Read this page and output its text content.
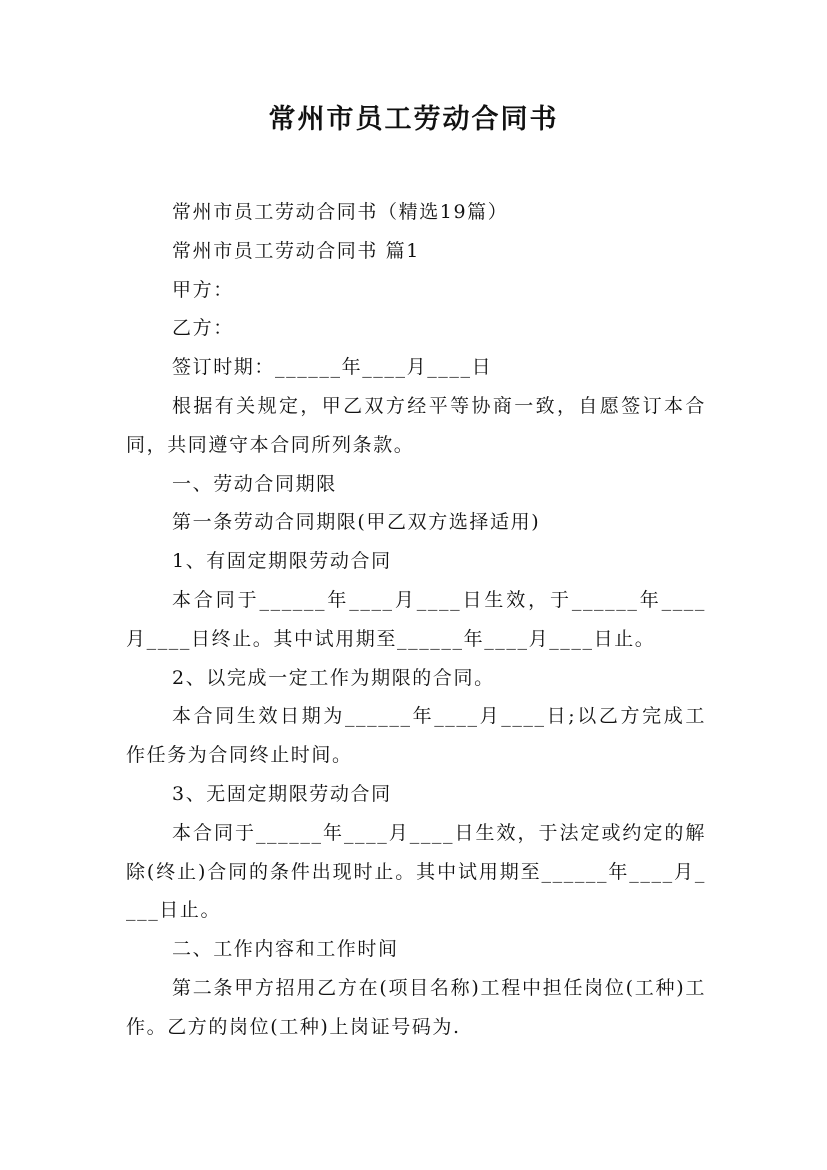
常州市员工劳动合同书

常州市员工劳动合同书（精选19篇）

常州市员工劳动合同书 篇1

甲方：

乙方：

签订时期：______年____月____日

根据有关规定，甲乙双方经平等协商一致，自愿签订本合同，共同遵守本合同所列条款。

一、劳动合同期限

第一条劳动合同期限(甲乙双方选择适用)

1、有固定期限劳动合同

本合同于______年____月____日生效，于______年____月____日终止。其中试用期至______年____月____日止。

2、以完成一定工作为期限的合同。

本合同生效日期为______年____月____日;以乙方完成工作任务为合同终止时间。

3、无固定期限劳动合同

本合同于______年____月____日生效，于法定或约定的解除(终止)合同的条件出现时止。其中试用期至______年____月____日止。

二、工作内容和工作时间

第二条甲方招用乙方在(项目名称)工程中担任岗位(工种)工作。乙方的岗位(工种)上岗证号码为.
